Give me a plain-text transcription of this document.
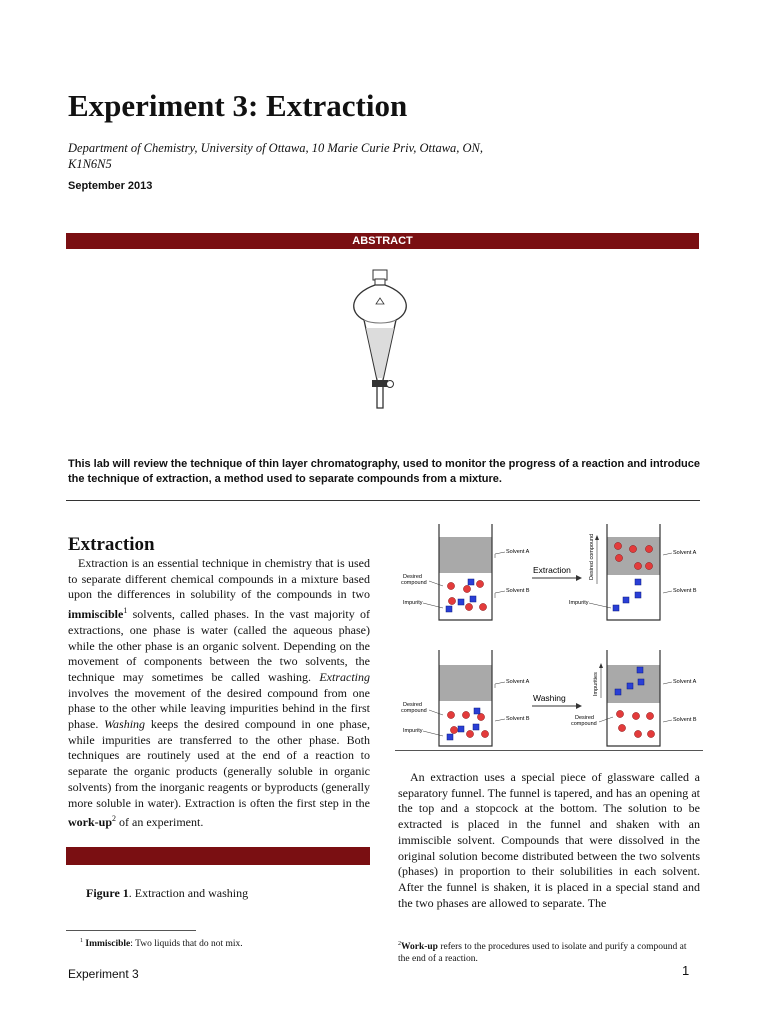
Experiment 3: Extraction
Department of Chemistry, University of Ottawa, 10 Marie Curie Priv, Ottawa, ON, K1N6N5
September 2013
ABSTRACT
This lab will review the technique of thin layer chromatography, used to monitor the progress of a reaction and introduce the technique of extraction, a method used to separate compounds from a mixture.
Extraction

Extraction is an essential technique in chemistry that is used to separate different chemical compounds in a mixture based upon the differences in solubility of the compounds in two immiscible$^1$ solvents, called phases. In the vast majority of extractions, one phase is water (called the aqueous phase) while the other phase is an organic solvent. Depending on the movement of components between the two solvents, the technique may sometimes be called washing. Extracting involves the movement of the desired compound from one phase to the other while leaving impurities behind in the first phase. Washing keeps the desired compound in one phase, while impurities are transferred to the other phase. Both techniques are routinely used at the end of a reaction to separate the organic products (generally soluble in organic solvents) from the inorganic reagents or byproducts (generally more soluble in water). Extraction is often the first step in the work-$up^2$ of an experiment.

Figure 1. Extraction and washing
Solvent A
Solvent B
Desired
compound
Impurity
Extraction	Desired compound	Solvent A
Solvent B
Impurity
Solvent A
Solvent B
Desired
compound
Impurity
Washing
Impurities	Solvent A
Solvent B
Desired
compound

An extraction uses a special piece of glassware called a separatory funnel. The funnel is tapered, and has an opening at the top and a stopcock at the bottom. The solution to be extracted is placed in the funnel and shaken with an immiscible solvent. Compounds that were dissolved in the original solution become distributed between the two solvents (phases) in proportion to their solubilities in each solvent. After the funnel is shaken, it is placed in a special stand and the two phases are allowed to separate. The

$^1$ Immiscible: Two liquids that do not mix.	$^2$Work-up refers to the procedures used to isolate and purify a compound at the end of a reaction.
Experiment 3	1
